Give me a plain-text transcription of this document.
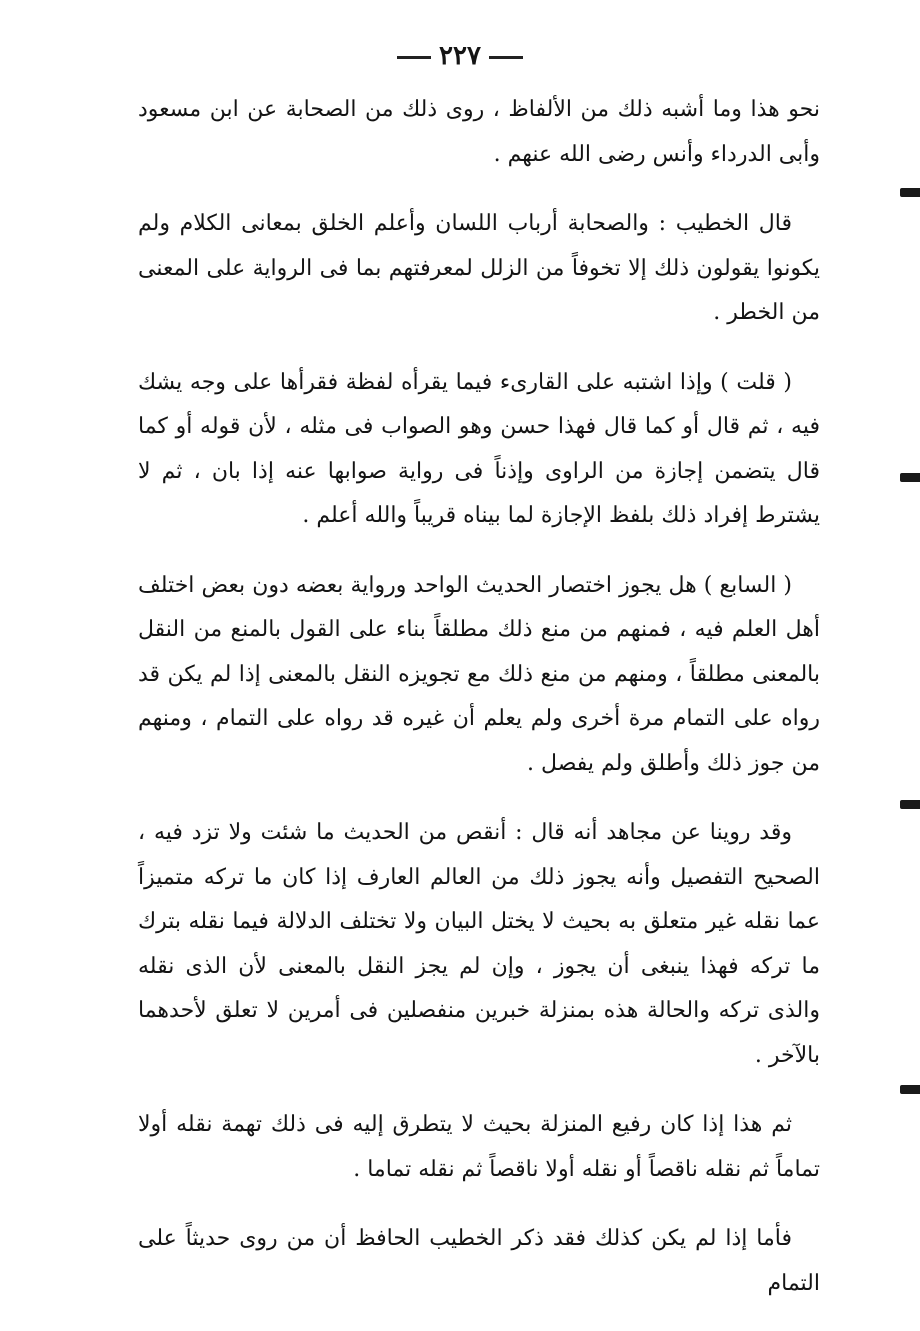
٢٢٧

نحو هذا وما أشبه ذلك من الألفاظ ، روى ذلك من الصحابة عن ابن مسعود وأبى الدرداء وأنس رضى الله عنهم .

قال الخطيب : والصحابة أرباب اللسان وأعلم الخلق بمعانى الكلام ولم يكونوا يقولون ذلك إلا تخوفاً من الزلل لمعرفتهم بما فى الرواية على المعنى من الخطر .

( قلت ) وإذا اشتبه على القارىء فيما يقرأه لفظة فقرأها على وجه يشك فيه ، ثم قال أو كما قال فهذا حسن وهو الصواب فى مثله ، لأن قوله أو كما قال يتضمن إجازة من الراوى وإذناً فى رواية صوابها عنه إذا بان ، ثم لا يشترط إفراد ذلك بلفظ الإجازة لما بيناه قريباً والله أعلم .

( السابع ) هل يجوز اختصار الحديث الواحد ورواية بعضه دون بعض اختلف أهل العلم فيه ، فمنهم من منع ذلك مطلقاً بناء على القول بالمنع من النقل بالمعنى مطلقاً ، ومنهم من منع ذلك مع تجويزه النقل بالمعنى إذا لم يكن قد رواه على التمام مرة أخرى ولم يعلم أن غيره قد رواه على التمام ، ومنهم من جوز ذلك وأطلق ولم يفصل .

وقد روينا عن مجاهد أنه قال : أنقص من الحديث ما شئت ولا تزد فيه ، الصحيح التفصيل وأنه يجوز ذلك من العالم العارف إذا كان ما تركه متميزاً عما نقله غير متعلق به بحيث لا يختل البيان ولا تختلف الدلالة فيما نقله بترك ما تركه فهذا ينبغى أن يجوز ، وإن لم يجز النقل بالمعنى لأن الذى نقله والذى تركه والحالة هذه بمنزلة خبرين منفصلين فى أمرين لا تعلق لأحدهما بالآخر .

ثم هذا إذا كان رفيع المنزلة بحيث لا يتطرق إليه فى ذلك تهمة نقله أولا تماماً ثم نقله ناقصاً أو نقله أولا ناقصاً ثم نقله تماما .

فأما إذا لم يكن كذلك فقد ذكر الخطيب الحافظ أن من روى حديثاً على التمام
